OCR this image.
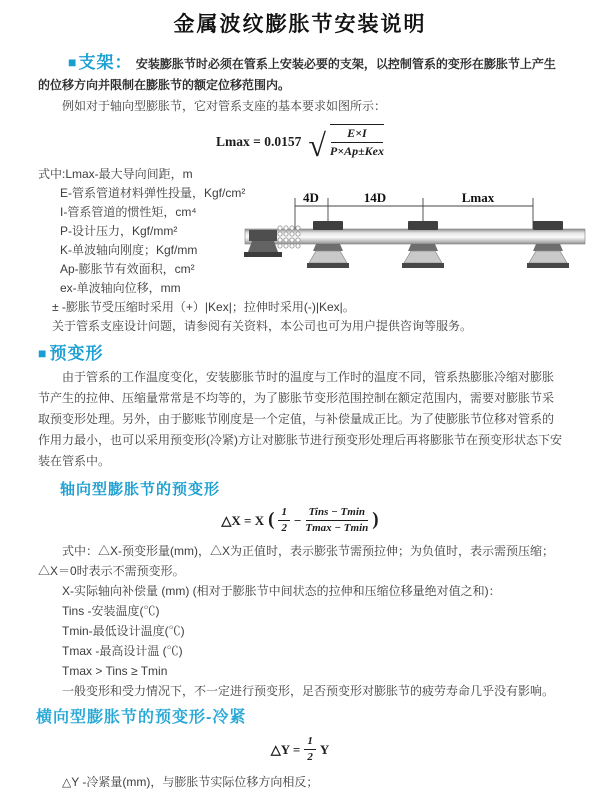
金属波纹膨胀节安装说明

■ 支架： 安装膨胀节时必须在管系上安装必要的支架，以控制管系的变形在膨胀节上产生的位移方向并限制在膨胀节的额定位移范围内。

例如对于轴向型膨胀节，它对管系支座的基本要求如图所示：

Lmax = 0.0157 √ $\frac{E\times I}{\text{P×Ap±Kex}}$
式中:Lmax-最大导向间距，m
E-管系管道材料弹性投量，Kgf/cm²
I-管系管道的惯性矩，cm⁴
P-设计压力，Kgf/mm²
K-单波轴向刚度；Kgf/mm
Ap-膨胀节有效面积，cm²
ex-单波轴向位移，mm
± -膨胀节受压缩时采用（+）|Kex|；拉伸时采用(-)|Kex|。
关于管系支座设计问题，请参阅有关资料，本公司也可为用户提供咨询等服务。
■ 预变形

由于管系的工作温度变化，安装膨胀节时的温度与工作时的温度不同，管系热膨胀冷缩对膨胀节产生的拉伸、压缩量常常是不均等的，为了膨胀节变形范围控制在额定范围内，需要对膨胀节采取预变形处理。另外，由于膨账节刚度是一个定值，与补偿量成正比。为了使膨胀节位移对管系的作用力最小，也可以采用预变形(冷紧)方让对膨胀节进行预变形处理后再将膨胀节在预变形状态下安装在管系中。

轴向型膨胀节的预变形
△X = X ( $\frac{1}{2}$ −
Tins − Tmin
Tmax − Tmin )

式中：△X-预变形量(mm)，△X为正值时，表示膨张节需预拉伸；为负值时，表示需预压缩；△X＝0时表示不需预变形。

X-实际轴向补偿量 (mm) (相对于膨胀节中间状态的拉伸和压缩位移量绝对值之和)：
Tins -安装温度(℃)
Tmin-最低设计温度(℃)
Tmax -最高设计温 (℃)
Tmax > Tins ≥ Tmin
一般变形和受力情况下，不一定进行预变形，足否预变形对膨胀节的疲劳寿命几乎没有影响。
横向型膨胀节的预变形-冷紧
△Y = $\frac{1}{2}$ Y
△Y -冷紧量(mm)，与膨胀节实际位移方向相反；
4D	14D	Lmax
